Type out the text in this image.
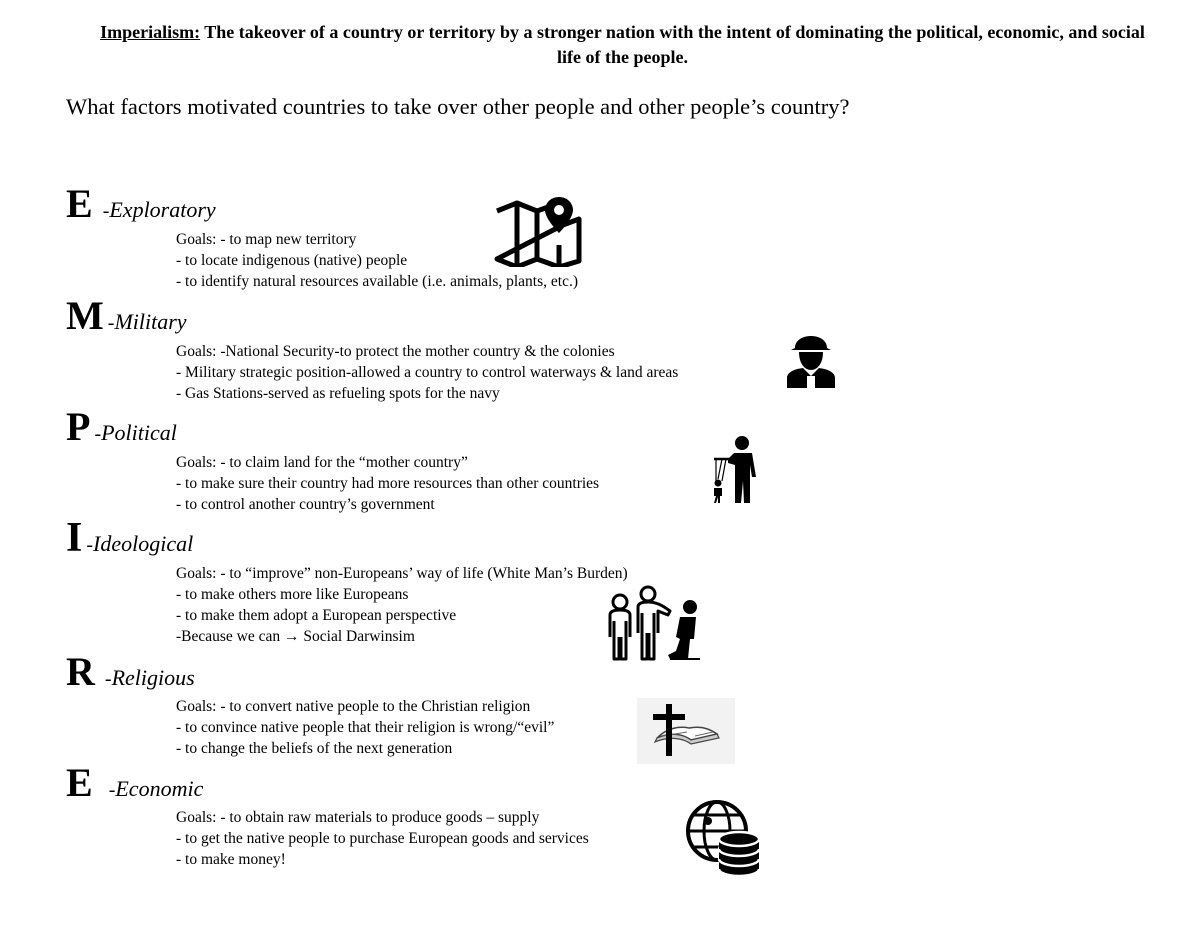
Imperialism: The takeover of a country or territory by a stronger nation with the intent of dominating the political, economic, and social life of the people.
What factors motivated countries to take over other people and other people’s country?
E -Exploratory
Goals: - to map new territory
- to locate indigenous (native) people
- to identify natural resources available (i.e. animals, plants, etc.)
M -Military
Goals: -National Security-to protect the mother country & the colonies
- Military strategic position-allowed a country to control waterways & land areas
- Gas Stations-served as refueling spots for the navy
P -Political
Goals: - to claim land for the “mother country”
- to make sure their country had more resources than other countries
- to control another country’s government
I -Ideological
Goals: - to “improve” non-Europeans’ way of life (White Man’s Burden)
- to make others more like Europeans
- to make them adopt a European perspective
-Because we can → Social Darwinsim
R -Religious
Goals: - to convert native people to the Christian religion
- to convince native people that their religion is wrong/“evil”
- to change the beliefs of the next generation
E -Economic
Goals: - to obtain raw materials to produce goods – supply
- to get the native people to purchase European goods and services
- to make money!
